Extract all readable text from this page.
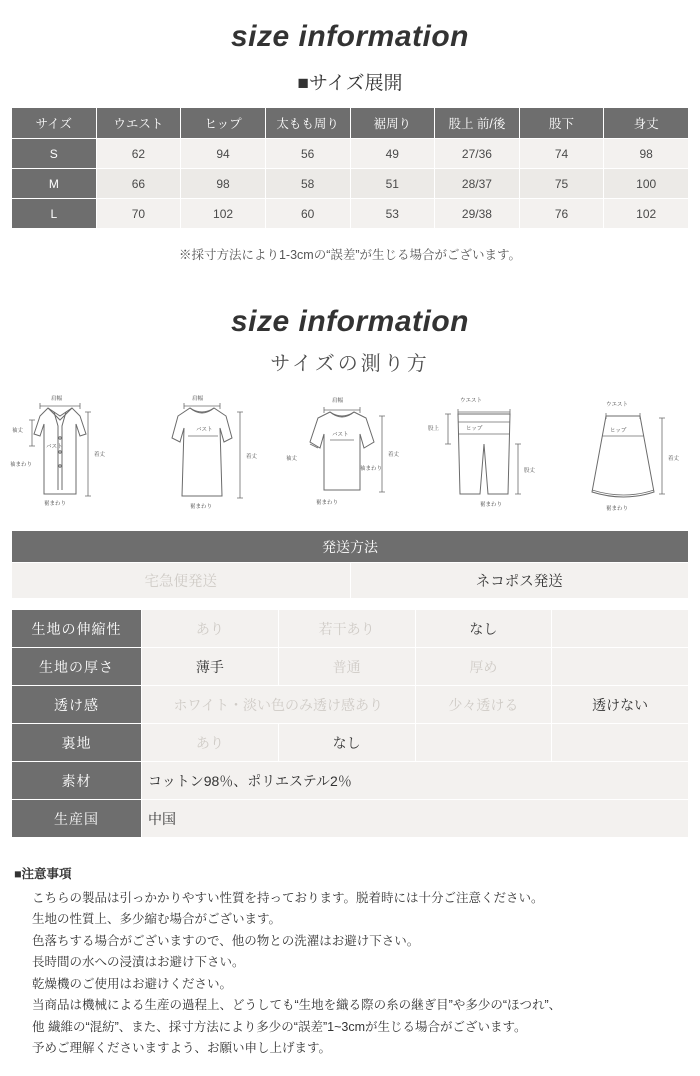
size information
■サイズ展開
サイズ	ウエスト	ヒップ	太もも周り	裾周り	股上 前/後	股下	身丈
S	62	94	56	49	27/36	74	98
M	66	98	58	51	28/37	75	100
L	70	102	60	53	29/38	76	102
※採寸方法により1-3cmの“誤差”が生じる場合がございます。
size information
サイズの測り方
肩幅
袖丈
袖まわり
バスト
着丈
裾まわり
肩幅
バスト
着丈
裾まわり
肩幅
バスト
着丈
袖まわり
袖丈
裾まわり
ウエスト
ヒップ
股上
股丈
裾まわり
ウエスト
ヒップ
着丈
裾まわり
発送方法
宅急便発送	ネコポス発送
生地の伸縮性	あり	若干あり	なし	
生地の厚さ	薄手	普通	厚め	
透け感	ホワイト・淡い色のみ透け感あり		少々透ける	透けない
裏地	あり	なし		
素材	コットン98％、ポリエステル2％			
生産国	中国			
■注意事項
こちらの製品は引っかかりやすい性質を持っております。脱着時には十分ご注意ください。
生地の性質上、多少縮む場合がございます。
色落ちする場合がございますので、他の物との洗濯はお避け下さい。
長時間の水への浸漬はお避け下さい。
乾燥機のご使用はお避けください。
当商品は機械による生産の過程上、どうしても“生地を織る際の糸の継ぎ目”や多少の“ほつれ”、
他 繊維の“混紡”、また、採寸方法により多少の“誤差”1~3cmが生じる場合がございます。
予めご理解くださいますよう、お願い申し上げます。
